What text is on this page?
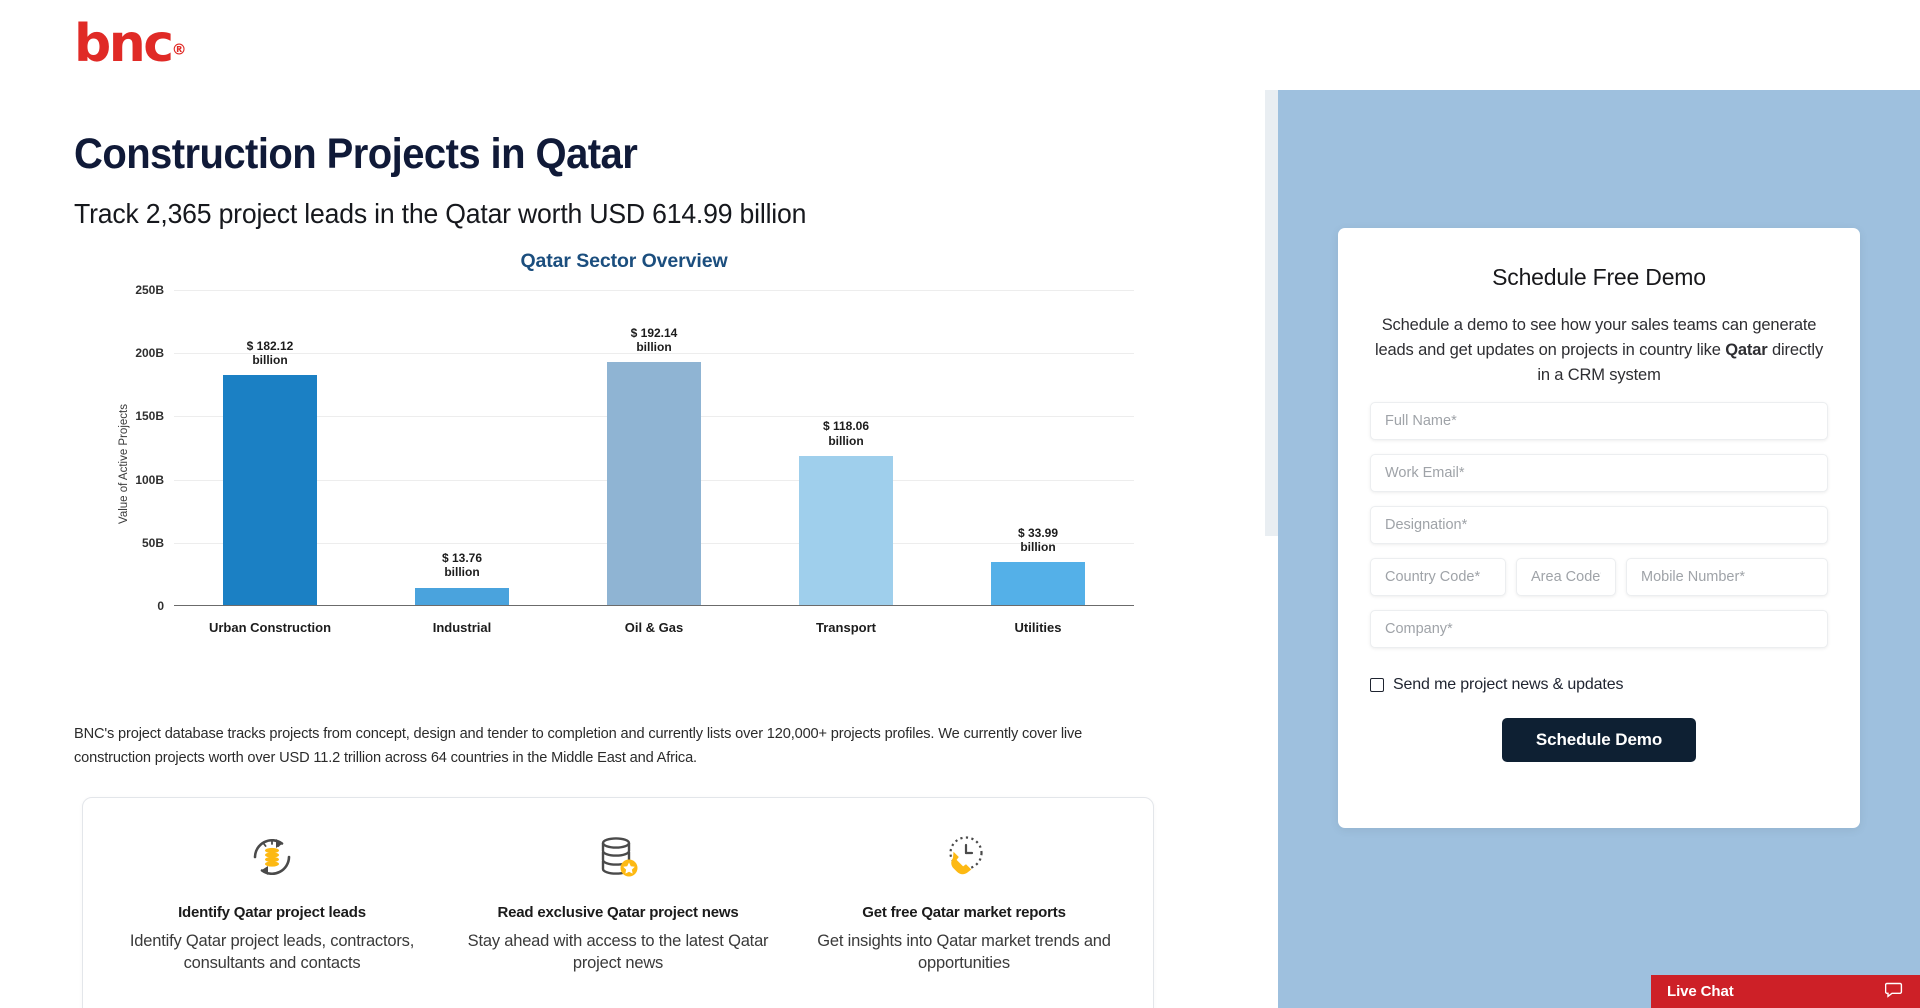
bnc®
Construction Projects in Qatar
Track 2,365 project leads in the Qatar worth USD 614.99 billion
Qatar Sector Overview
Value of Active Projects
250B
200B
150B
100B
50B
0
$ 182.12
billion
$ 13.76
billion
$ 192.14
billion
$ 118.06
billion
$ 33.99
billion
Urban Construction	Industrial	Oil & Gas	Transport	Utilities

BNC's project database tracks projects from concept, design and tender to completion and currently lists over 120,000+ projects profiles. We currently cover live construction projects worth over USD 11.2 trillion across 64 countries in the Middle East and Africa.

Identify Qatar project leads
Identify Qatar project leads, contractors, consultants and contacts
Read exclusive Qatar project news
Stay ahead with access to the latest Qatar project news
Get free Qatar market reports
Get insights into Qatar market trends and opportunities
Schedule Free Demo
Schedule a demo to see how your sales teams can generate leads and get updates on projects in country like Qatar directly in a CRM system
Full Name* Work Email* Designation*
Country Code*
Area Code*
Mobile Number*
Company*
Send me project news & updates
Schedule Demo
Live Chat
